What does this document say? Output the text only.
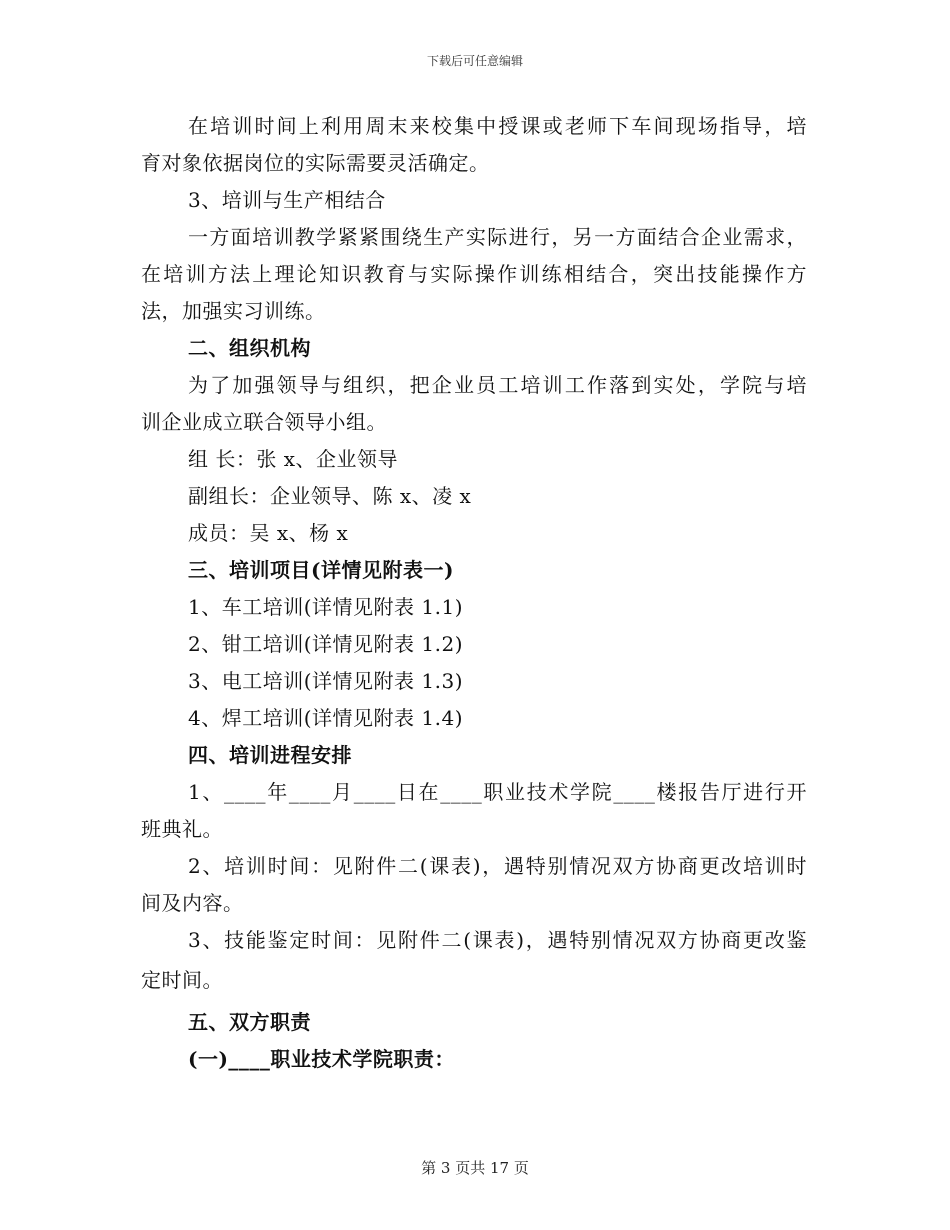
下载后可任意编辑
在培训时间上利用周末来校集中授课或老师下车间现场指导，培
育对象依据岗位的实际需要灵活确定。
3、培训与生产相结合
一方面培训教学紧紧围绕生产实际进行，另一方面结合企业需求，
在培训方法上理论知识教育与实际操作训练相结合，突出技能操作方
法，加强实习训练。
二、组织机构
为了加强领导与组织，把企业员工培训工作落到实处，学院与培
训企业成立联合领导小组。
组 长：张 x、企业领导
副组长：企业领导、陈 x、凌 x
成员：吴 x、杨 x
三、培训项目(详情见附表一)
1、车工培训(详情见附表 1.1)
2、钳工培训(详情见附表 1.2)
3、电工培训(详情见附表 1.3)
4、焊工培训(详情见附表 1.4)
四、培训进程安排
1、____年____月____日在____职业技术学院____楼报告厅进行开
班典礼。
2、培训时间：见附件二(课表)，遇特别情况双方协商更改培训时
间及内容。
3、技能鉴定时间：见附件二(课表)，遇特别情况双方协商更改鉴
定时间。
五、双方职责
(一)____职业技术学院职责：
第 3 页共 17 页
